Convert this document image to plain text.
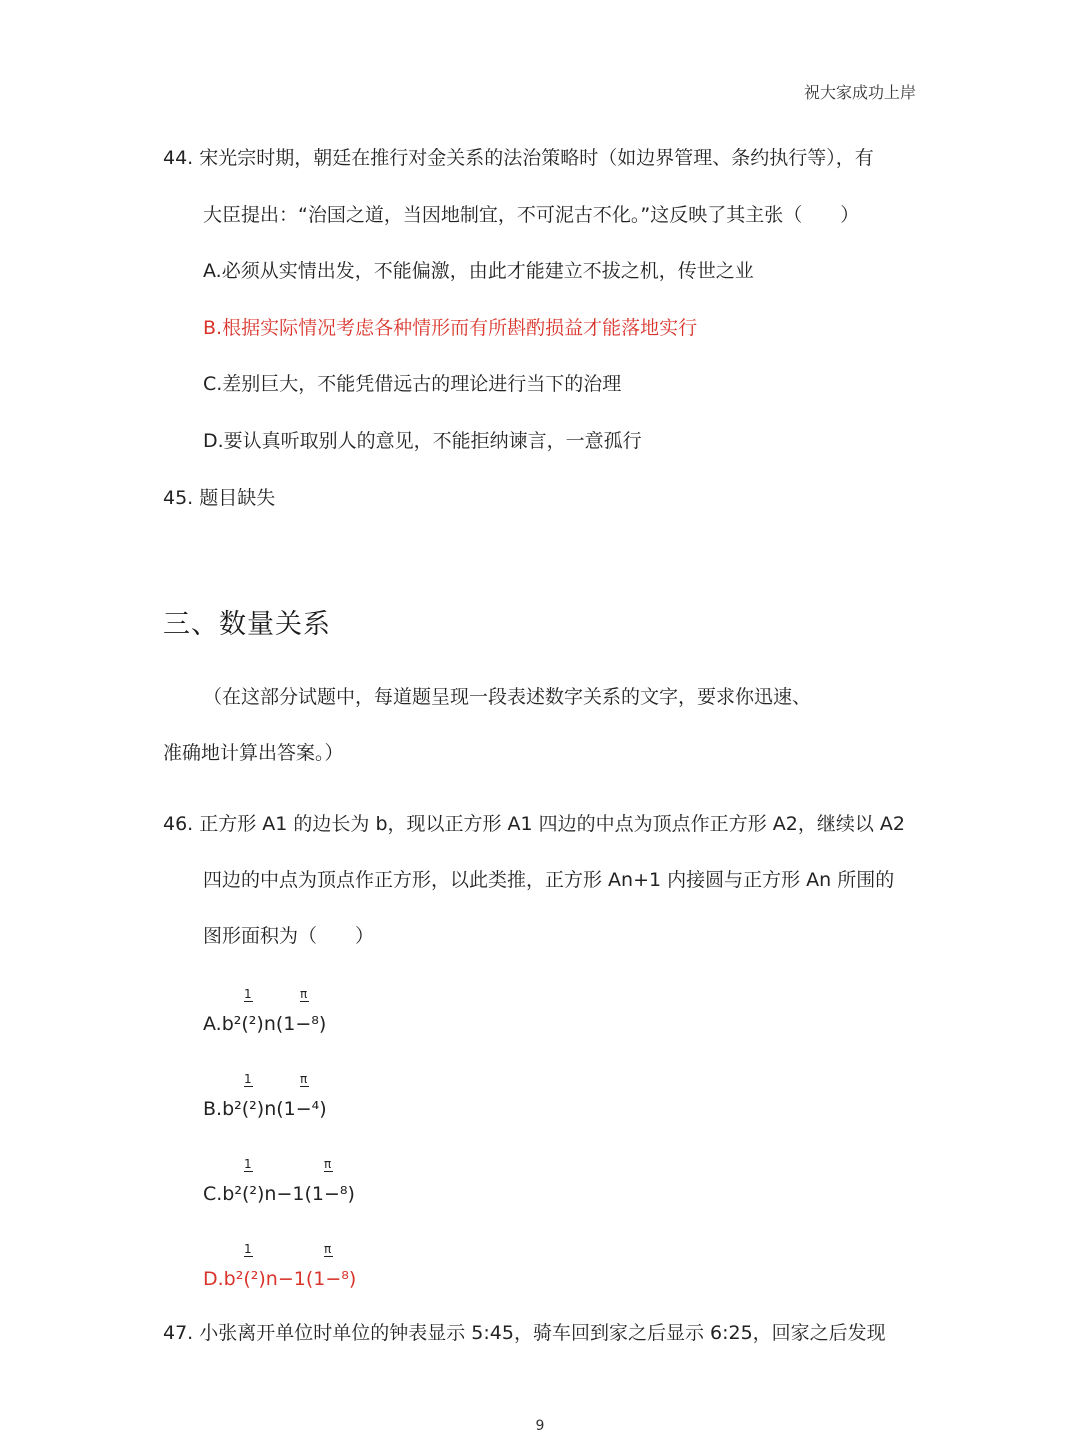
祝大家成功上岸
44. 宋光宗时期，朝廷在推行对金关系的法治策略时（如边界管理、条约执行等），有
大臣提出：“治国之道，当因地制宜，不可泥古不化。”这反映了其主张（　　）
A.必须从实情出发，不能偏激，由此才能建立不拔之机，传世之业
B.根据实际情况考虑各种情形而有所斟酌损益才能落地实行
C.差别巨大，不能凭借远古的理论进行当下的治理
D.要认真听取别人的意见，不能拒纳谏言，一意孤行
45. 题目缺失
三、数量关系
（在这部分试题中，每道题呈现一段表述数字关系的文字，要求你迅速、
准确地计算出答案。）
46. 正方形 A1 的边长为 b，现以正方形 A1 四边的中点为顶点作正方形 A2，继续以 A2
四边的中点为顶点作正方形，以此类推，正方形 An+1 内接圆与正方形 An 所围的
图形面积为（　　）
A.b²(²)n(1−⁸)
1	π
B.b²(²)n(1−⁴)
1	π
C.b²(²)n−1(1−⁸)
1	π
D.b²(²)n−1(1−⁸)
1	π
47. 小张离开单位时单位的钟表显示 5:45，骑车回到家之后显示 6:25，回家之后发现
9
